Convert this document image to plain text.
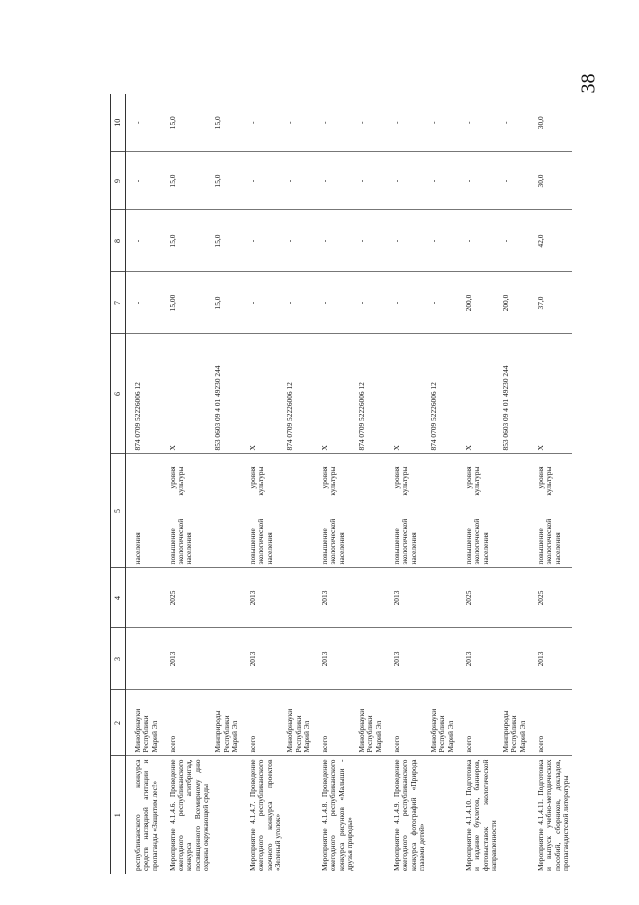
38
1	2	3	4	5	6	7	8	9	10
республиканского конкурса средств наглядной агитации и пропаганды «Защитим лес!»	Минобрнауки Республики Марий Эл			населения	874 0709 52226006 12	-	-	-	-
Мероприятие 4.1.4.6. Проведение ежегодного республиканского конкурса агитбригад, посвященного Всемирному дню охраны окружающей среды	всего	2013	2025	повышение экологической населенияуровня культуры	Х	15,00	15,0	15,0	15,0
	Минприроды Республики Марий Эл				853 0603 09 4 01 49230 244	15,0	15,0	15,0	15,0
Мероприятие 4.1.4.7. Проведение ежегодного республиканского заочного конкурса проектов «Зеленый уголок»	всего	2013	2013	повышение экологической населенияуровня культуры	Х	-	-	-	-
	Минобрнауки Республики Марий Эл				874 0709 52226006 12	-	-	-	-
Мероприятие 4.1.4.8. Проведение ежегодного республиканского конкурса рисунков «Малыши - друзья природы»	всего	2013	2013	повышение экологической населенияуровня культуры	Х	-	-	-	-
	Минобрнауки Республики Марий Эл				874 0709 52226006 12	-	-	-	-
Мероприятие 4.1.4.9. Проведение ежегодного республиканского конкурса фотографий «Природа глазами детей»	всего	2013	2013	повышение экологической населенияуровня культуры	Х	-	-	-	-
	Минобрнауки Республики Марий Эл				874 0709 52226006 12	-	-	-	-
Мероприятие 4.1.4.10. Подготовка и издание буклетов, баннеров, фотовыставок экологической направленности	всего	2013	2025	повышение экологической населенияуровня культуры	Х	200,0	-	-	-
	Минприроды Республики Марий Эл				853 0603 09 4 01 49230 244	200,0	-	-	-
Мероприятие 4.1.4.11. Подготовка и выпуск учебно-методических пособий, сборников, докладов, пропагандистской литературы	всего	2013	2025	повышение экологической населенияуровня культуры	Х	37,0	42,0	30,0	30,0
